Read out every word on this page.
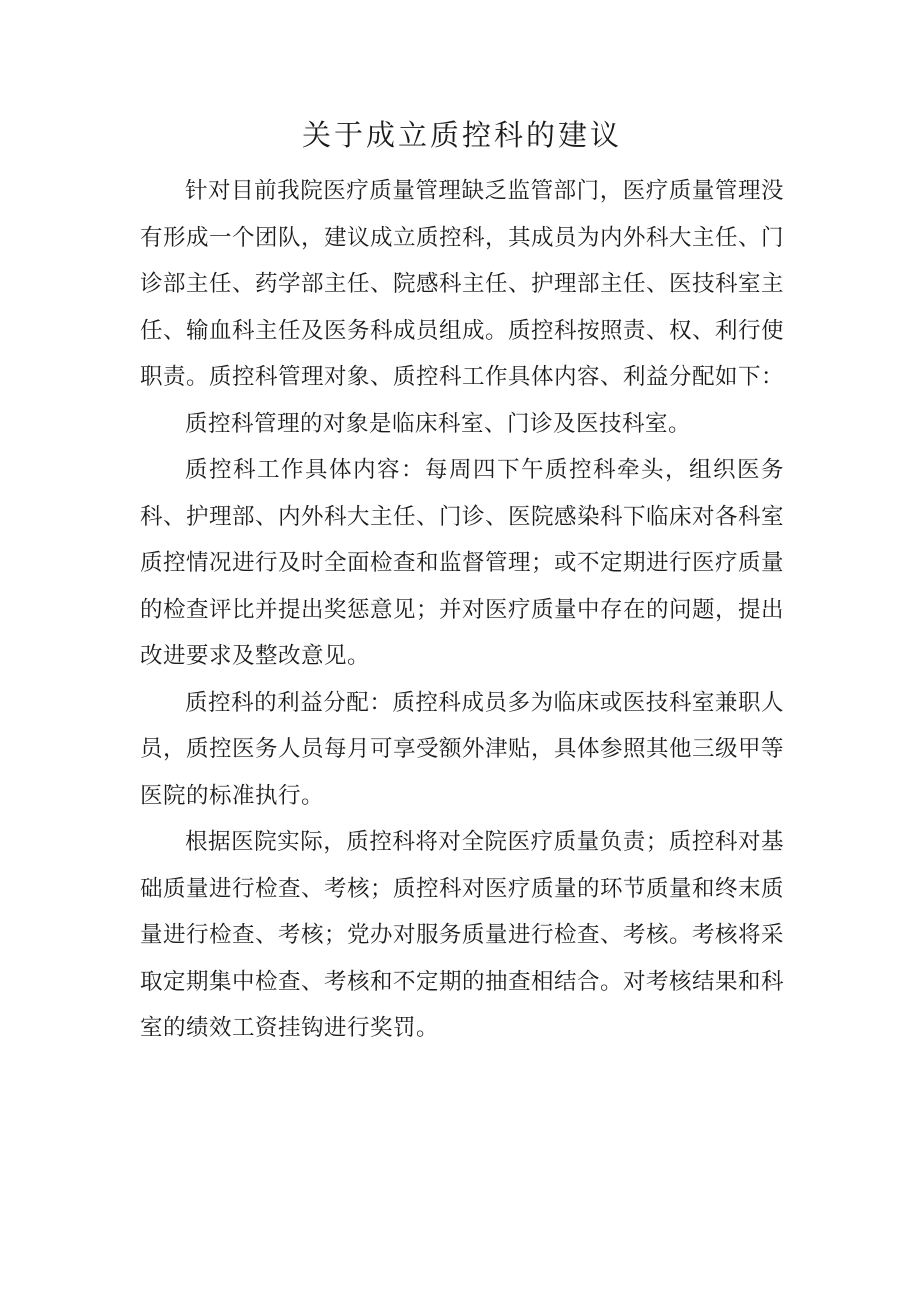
关于成立质控科的建议

针对目前我院医疗质量管理缺乏监管部门，医疗质量管理没有形成一个团队，建议成立质控科，其成员为内外科大主任、门诊部主任、药学部主任、院感科主任、护理部主任、医技科室主任、输血科主任及医务科成员组成。质控科按照责、权、利行使职责。质控科管理对象、质控科工作具体内容、利益分配如下：

质控科管理的对象是临床科室、门诊及医技科室。

质控科工作具体内容：每周四下午质控科牵头，组织医务科、护理部、内外科大主任、门诊、医院感染科下临床对各科室质控情况进行及时全面检查和监督管理；或不定期进行医疗质量的检查评比并提出奖惩意见；并对医疗质量中存在的问题，提出改进要求及整改意见。

质控科的利益分配：质控科成员多为临床或医技科室兼职人员，质控医务人员每月可享受额外津贴，具体参照其他三级甲等医院的标准执行。

根据医院实际，质控科将对全院医疗质量负责；质控科对基础质量进行检查、考核；质控科对医疗质量的环节质量和终末质量进行检查、考核；党办对服务质量进行检查、考核。考核将采取定期集中检查、考核和不定期的抽查相结合。对考核结果和科室的绩效工资挂钩进行奖罚。
